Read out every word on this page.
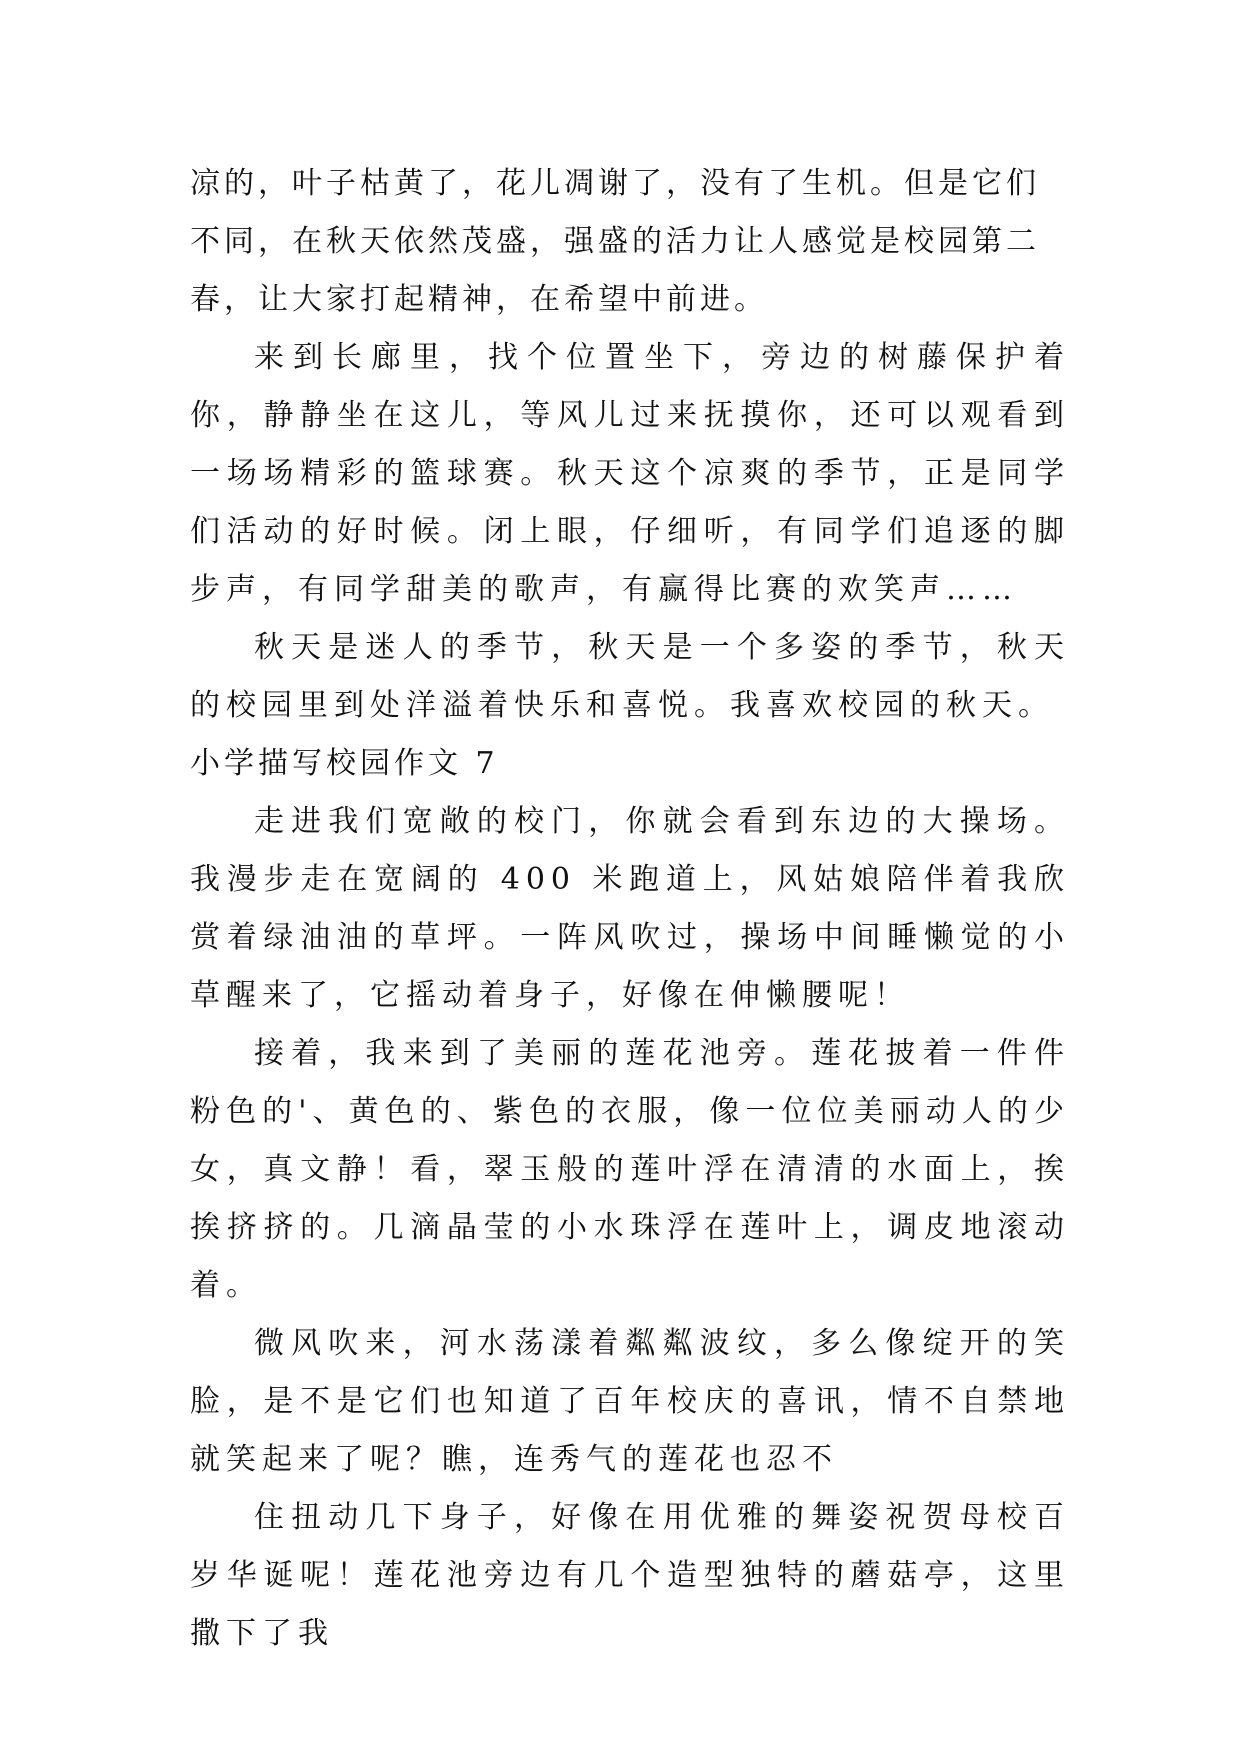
凉的，叶子枯黄了，花儿凋谢了，没有了生机。但是它们不同，在秋天依然茂盛，强盛的活力让人感觉是校园第二春，让大家打起精神，在希望中前进。

来到长廊里，找个位置坐下，旁边的树藤保护着你，静静坐在这儿，等风儿过来抚摸你，还可以观看到一场场精彩的篮球赛。秋天这个凉爽的季节，正是同学们活动的好时候。闭上眼，仔细听，有同学们追逐的脚步声，有同学甜美的歌声，有赢得比赛的欢笑声……

秋天是迷人的季节，秋天是一个多姿的季节，秋天的校园里到处洋溢着快乐和喜悦。我喜欢校园的秋天。

小学描写校园作文 7

走进我们宽敞的校门，你就会看到东边的大操场。我漫步走在宽阔的 400 米跑道上，风姑娘陪伴着我欣赏着绿油油的草坪。一阵风吹过，操场中间睡懒觉的小草醒来了，它摇动着身子，好像在伸懒腰呢！

接着，我来到了美丽的莲花池旁。莲花披着一件件粉色的'、黄色的、紫色的衣服，像一位位美丽动人的少女，真文静！看，翠玉般的莲叶浮在清清的水面上，挨挨挤挤的。几滴晶莹的小水珠浮在莲叶上，调皮地滚动着。

微风吹来，河水荡漾着粼粼波纹，多么像绽开的笑脸，是不是它们也知道了百年校庆的喜讯，情不自禁地就笑起来了呢？瞧，连秀气的莲花也忍不

住扭动几下身子，好像在用优雅的舞姿祝贺母校百岁华诞呢！莲花池旁边有几个造型独特的蘑菇亭，这里撒下了我
